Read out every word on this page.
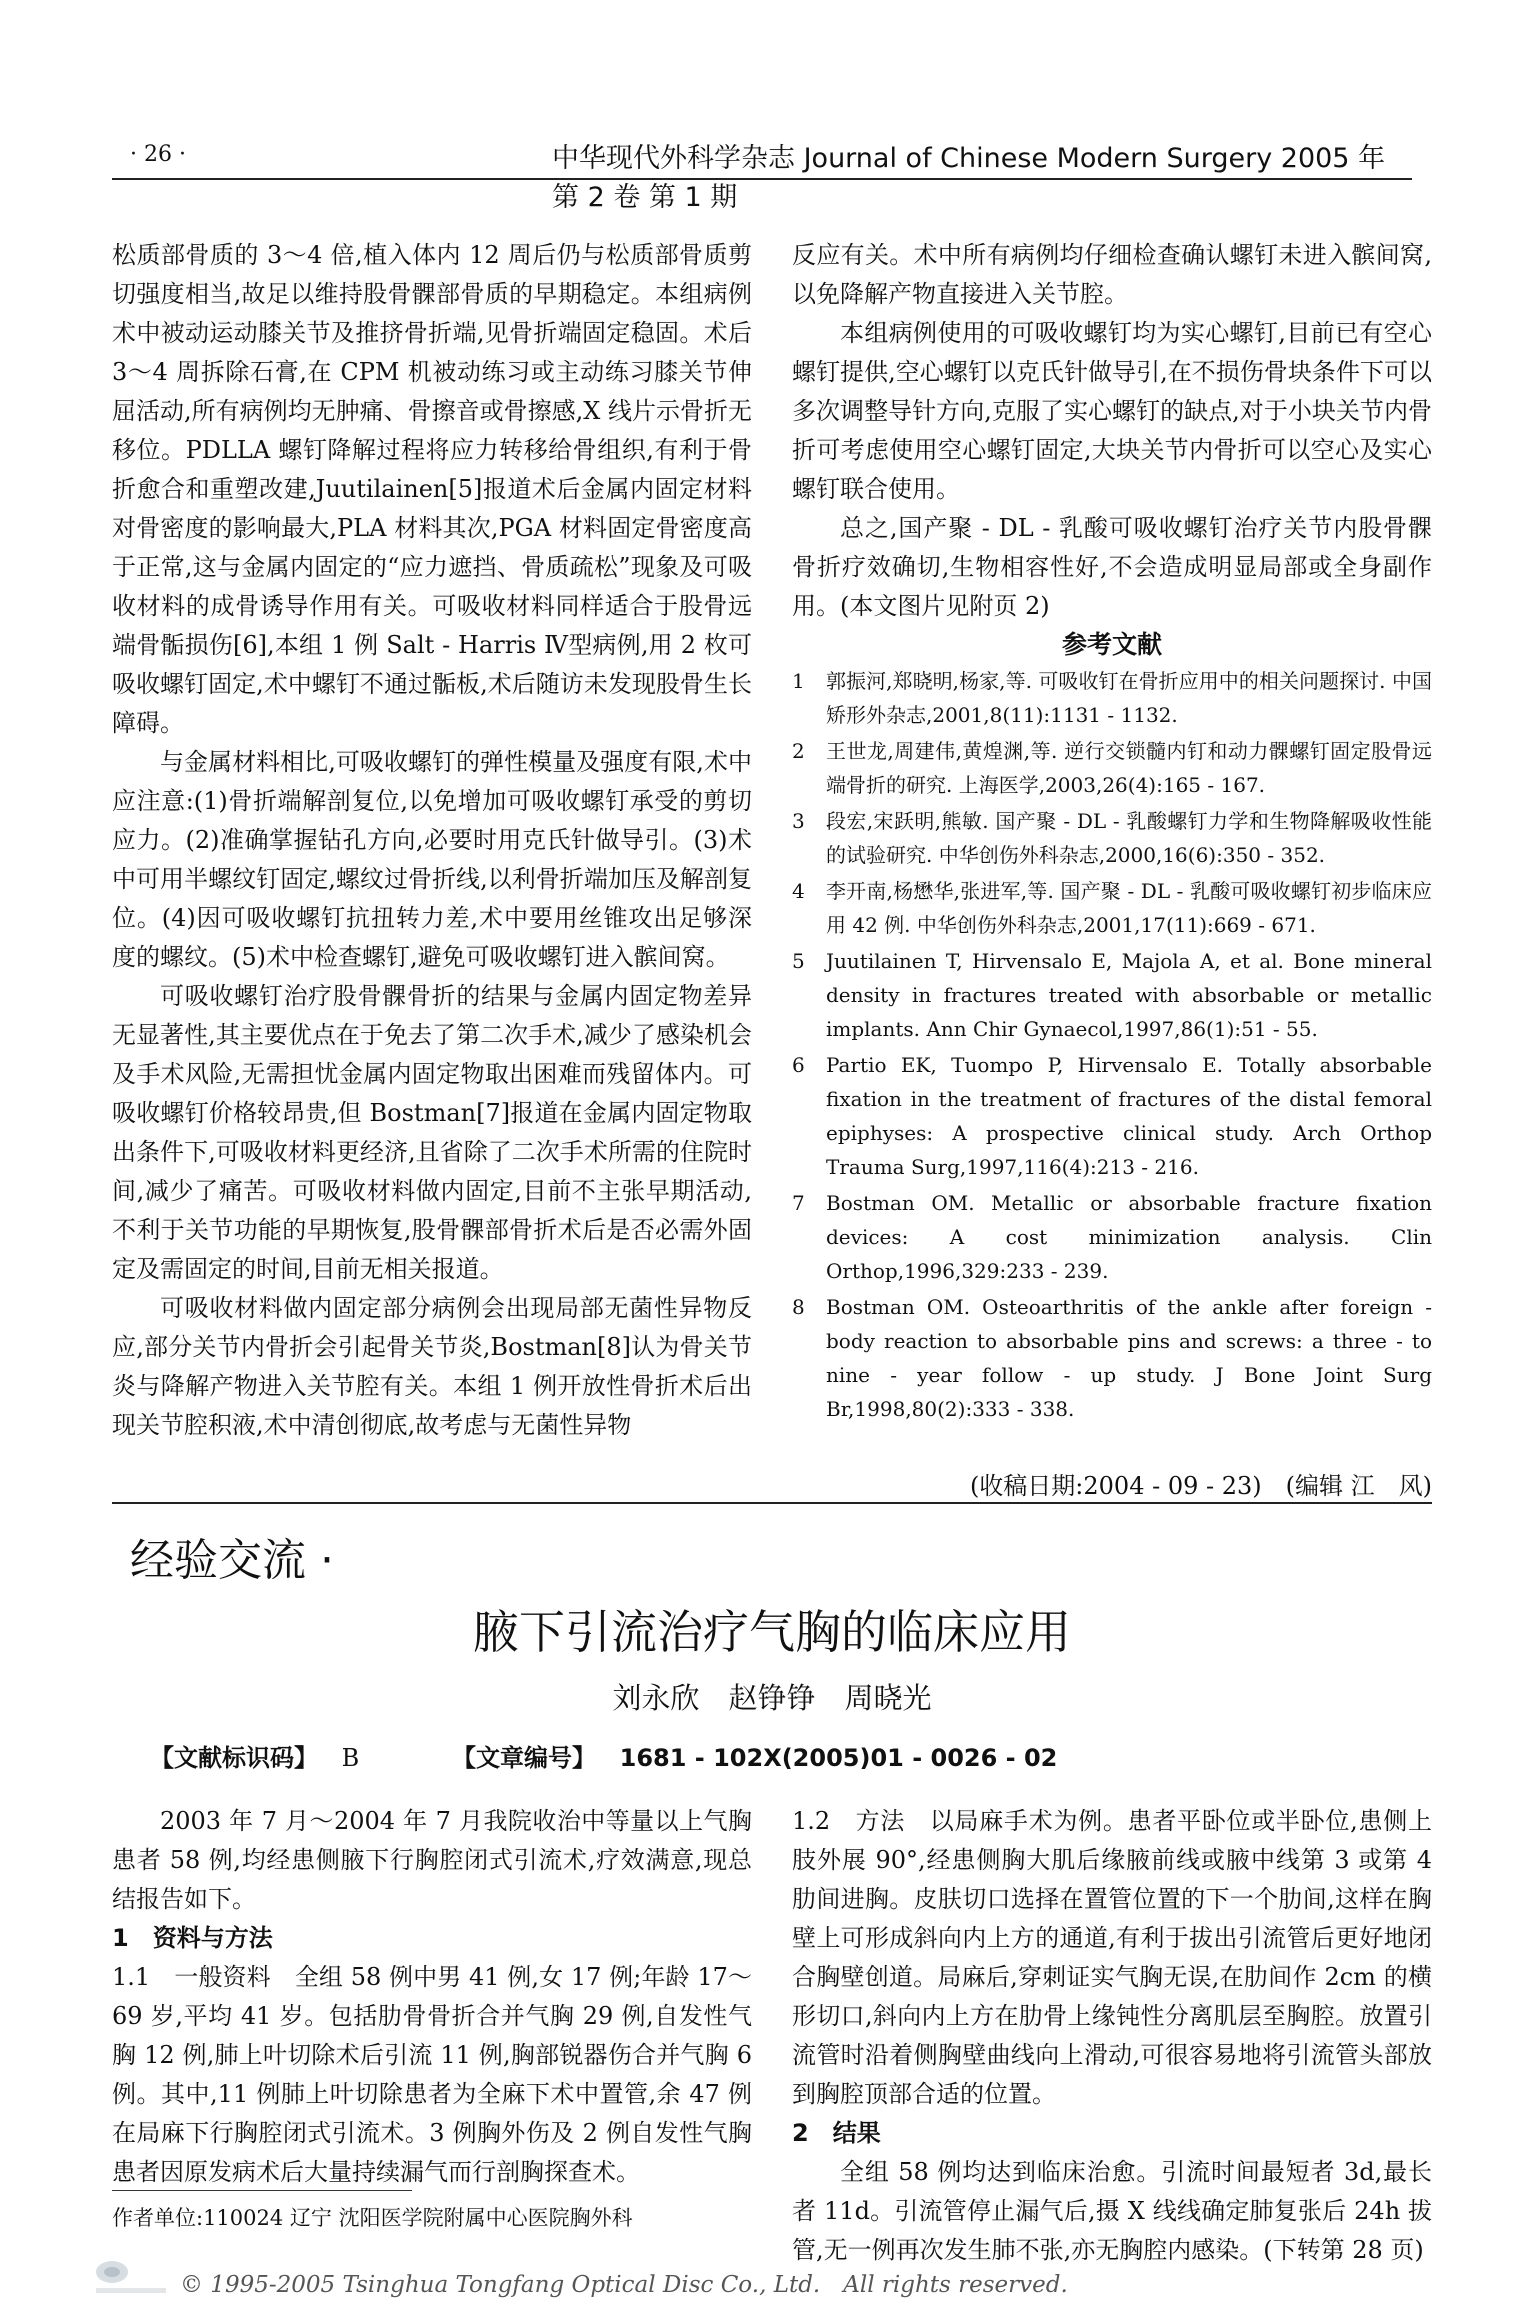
· 26 ·	中华现代外科学杂志 Journal of Chinese Modern Surgery 2005 年第 2 卷 第 1 期

松质部骨质的 3～4 倍,植入体内 12 周后仍与松质部骨质剪切强度相当,故足以维持股骨髁部骨质的早期稳定。本组病例术中被动运动膝关节及推挤骨折端,见骨折端固定稳固。术后 3～4 周拆除石膏,在 CPM 机被动练习或主动练习膝关节伸屈活动,所有病例均无肿痛、骨擦音或骨擦感,X 线片示骨折无移位。PDLLA 螺钉降解过程将应力转移给骨组织,有利于骨折愈合和重塑改建,Juutilainen[5]报道术后金属内固定材料对骨密度的影响最大,PLA 材料其次,PGA 材料固定骨密度高于正常,这与金属内固定的“应力遮挡、骨质疏松”现象及可吸收材料的成骨诱导作用有关。可吸收材料同样适合于股骨远端骨骺损伤[6],本组 1 例 Salt - Harris Ⅳ型病例,用 2 枚可吸收螺钉固定,术中螺钉不通过骺板,术后随访未发现股骨生长障碍。

与金属材料相比,可吸收螺钉的弹性模量及强度有限,术中应注意:(1)骨折端解剖复位,以免增加可吸收螺钉承受的剪切应力。(2)准确掌握钻孔方向,必要时用克氏针做导引。(3)术中可用半螺纹钉固定,螺纹过骨折线,以利骨折端加压及解剖复位。(4)因可吸收螺钉抗扭转力差,术中要用丝锥攻出足够深度的螺纹。(5)术中检查螺钉,避免可吸收螺钉进入髌间窝。

可吸收螺钉治疗股骨髁骨折的结果与金属内固定物差异无显著性,其主要优点在于免去了第二次手术,减少了感染机会及手术风险,无需担忧金属内固定物取出困难而残留体内。可吸收螺钉价格较昂贵,但 Bostman[7]报道在金属内固定物取出条件下,可吸收材料更经济,且省除了二次手术所需的住院时间,减少了痛苦。可吸收材料做内固定,目前不主张早期活动,不利于关节功能的早期恢复,股骨髁部骨折术后是否必需外固定及需固定的时间,目前无相关报道。

可吸收材料做内固定部分病例会出现局部无菌性异物反应,部分关节内骨折会引起骨关节炎,Bostman[8]认为骨关节炎与降解产物进入关节腔有关。本组 1 例开放性骨折术后出现关节腔积液,术中清创彻底,故考虑与无菌性异物

反应有关。术中所有病例均仔细检查确认螺钉未进入髌间窝,以免降解产物直接进入关节腔。

本组病例使用的可吸收螺钉均为实心螺钉,目前已有空心螺钉提供,空心螺钉以克氏针做导引,在不损伤骨块条件下可以多次调整导针方向,克服了实心螺钉的缺点,对于小块关节内骨折可考虑使用空心螺钉固定,大块关节内骨折可以空心及实心螺钉联合使用。

总之,国产聚 - DL - 乳酸可吸收螺钉治疗关节内股骨髁骨折疗效确切,生物相容性好,不会造成明显局部或全身副作用。(本文图片见附页 2)

参考文献
1	郭振河,郑晓明,杨家,等. 可吸收钉在骨折应用中的相关问题探讨. 中国矫形外杂志,2001,8(11):1131 - 1132.
2	王世龙,周建伟,黄煌渊,等. 逆行交锁髓内钉和动力髁螺钉固定股骨远端骨折的研究. 上海医学,2003,26(4):165 - 167.
3	段宏,宋跃明,熊敏. 国产聚 - DL - 乳酸螺钉力学和生物降解吸收性能的试验研究. 中华创伤外科杂志,2000,16(6):350 - 352.
4	李开南,杨懋华,张进军,等. 国产聚 - DL - 乳酸可吸收螺钉初步临床应用 42 例. 中华创伤外科杂志,2001,17(11):669 - 671.
5	Juutilainen T, Hirvensalo E, Majola A, et al. Bone mineral density in fractures treated with absorbable or metallic implants. Ann Chir Gynaecol,1997,86(1):51 - 55.
6	Partio EK, Tuompo P, Hirvensalo E. Totally absorbable fixation in the treatment of fractures of the distal femoral epiphyses: A prospective clinical study. Arch Orthop Trauma Surg,1997,116(4):213 - 216.
7	Bostman OM. Metallic or absorbable fracture fixation devices: A cost minimization analysis. Clin Orthop,1996,329:233 - 239.
8	Bostman OM. Osteoarthritis of the ankle after foreign - body reaction to absorbable pins and screws: a three - to nine - year follow - up study. J Bone Joint Surg Br,1998,80(2):333 - 338.
(收稿日期:2004 - 09 - 23)　(编辑 江　风)
经验交流 ·
腋下引流治疗气胸的临床应用
刘永欣　赵铮铮　周晓光
【文献标识码】 B	【文章编号】 1681 - 102X(2005)01 - 0026 - 02

2003 年 7 月～2004 年 7 月我院收治中等量以上气胸患者 58 例,均经患侧腋下行胸腔闭式引流术,疗效满意,现总结报告如下。

1　资料与方法

1.1　一般资料　全组 58 例中男 41 例,女 17 例;年龄 17～69 岁,平均 41 岁。包括肋骨骨折合并气胸 29 例,自发性气胸 12 例,肺上叶切除术后引流 11 例,胸部锐器伤合并气胸 6 例。其中,11 例肺上叶切除患者为全麻下术中置管,余 47 例在局麻下行胸腔闭式引流术。3 例胸外伤及 2 例自发性气胸患者因原发病术后大量持续漏气而行剖胸探查术。

1.2　方法　以局麻手术为例。患者平卧位或半卧位,患侧上肢外展 90°,经患侧胸大肌后缘腋前线或腋中线第 3 或第 4 肋间进胸。皮肤切口选择在置管位置的下一个肋间,这样在胸壁上可形成斜向内上方的通道,有利于拔出引流管后更好地闭合胸壁创道。局麻后,穿刺证实气胸无误,在肋间作 2cm 的横形切口,斜向内上方在肋骨上缘钝性分离肌层至胸腔。放置引流管时沿着侧胸壁曲线向上滑动,可很容易地将引流管头部放到胸腔顶部合适的位置。

2　结果

全组 58 例均达到临床治愈。引流时间最短者 3d,最长者 11d。引流管停止漏气后,摄 X 线线确定肺复张后 24h 拔管,无一例再次发生肺不张,亦无胸腔内感染。(下转第 28 页)

作者单位:110024 辽宁 沈阳医学院附属中心医院胸外科
© 1995-2005 Tsinghua Tongfang Optical Disc Co., Ltd.　All rights reserved.
